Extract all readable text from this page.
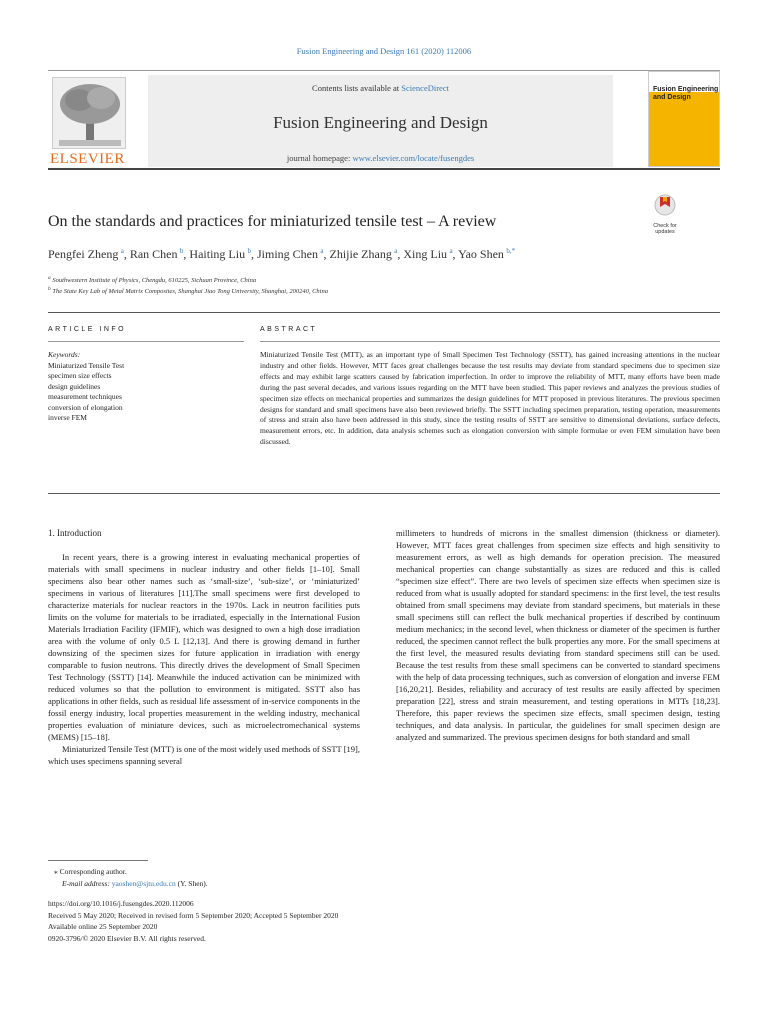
Fusion Engineering and Design 161 (2020) 112006
ELSEVIER
Contents lists available at ScienceDirect
Fusion Engineering and Design
journal homepage: www.elsevier.com/locate/fusengdes
Fusion Engineering and Design
On the standards and practices for miniaturized tensile test – A review	Check for updates
Pengfei Zheng  $^a$, Ran Chen  $^b$, Haiting Liu  $^b$, Jiming Chen  $^a$, Zhijie Zhang  $^a$, Xing Liu  $^a$, Yao Shen  $^{b,*}$
$^a$ Southwestern Institute of Physics, Chengdu, 610225, Sichuan Province, China
$^b$ The State Key Lab of Metal Matrix Composites, Shanghai Jiao Tong University, Shanghai, 200240, China
ARTICLE INFO	ABSTRACT
Keywords:
Miniaturized Tensile Test
specimen size effects
design guidelines
measurement techniques
conversion of elongation
inverse FEM
Miniaturized Tensile Test (MTT), as an important type of Small Specimen Test Technology (SSTT), has gained increasing attentions in the nuclear industry and other fields. However, MTT faces great challenges because the test results may deviate from standard specimens due to specimen size effects and may exhibit large scatters caused by fabrication imperfection. In order to improve the reliability of MTT, many efforts have been made during the past several decades, and various issues regarding on the MTT have been studied. This paper reviews and analyzes the previous studies of specimen size effects on mechanical properties and summarizes the design guidelines for MTT proposed in previous literatures. The previous specimen designs for standard and small specimens have also been reviewed briefly. The SSTT including specimen preparation, testing operation, measurements of stress and strain also have been addressed in this study, since the testing results of SSTT are sensitive to dimensional deviations, surface defects, measurement errors, etc. In addition, data analysis schemes such as elongation conversion with simple formulae or even FEM simulation have been discussed.
1. Introduction

In recent years, there is a growing interest in evaluating mechanical properties of materials with small specimens in nuclear industry and other fields [1–10]. Small specimens also bear other names such as ‘small-size’, ‘sub-size’, or ‘miniaturized’ specimens in various of literatures [11].The small specimens were first developed to characterize materials for nuclear reactors in the 1970s. Lack in neutron facilities puts limits on the volume for materials to be irradiated, especially in the International Fusion Materials Irradiation Facility (IFMIF), which was designed to own a high dose irradiation area with the volume of only 0.5 L [12,13]. And there is growing demand in further downsizing of the specimen sizes for future application in irradiation with energy comparable to fusion neutrons. This directly drives the development of Small Specimen Test Technology (SSTT) [14]. Meanwhile the induced activation can be minimized with reduced volumes so that the pollution to environment is mitigated. SSTT also has applications in other fields, such as residual life assessment of in-service components in the fossil energy industry, local properties measurement in the welding industry, mechanical properties evaluation of miniature devices, such as microelectromechanical systems (MEMS) [15–18].

Miniaturized Tensile Test (MTT) is one of the most widely used methods of SSTT [19], which uses specimens spanning several

millimeters to hundreds of microns in the smallest dimension (thickness or diameter). However, MTT faces great challenges from specimen size effects and high sensitivity to measurement errors, as well as high demands for operation precision. The measured mechanical properties can change substantially as sizes are reduced and this is called “specimen size effect”. There are two levels of specimen size effects when specimen size is reduced from what is usually adopted for standard specimens: in the first level, the test results obtained from small specimens may deviate from standard specimens, but materials in these small specimens still can reflect the bulk mechanical properties if described by continuum medium mechanics; in the second level, when thickness or diameter of the specimen is further reduced, the specimen cannot reflect the bulk properties any more. For the small specimens at the first level, the measured results deviating from standard specimens still can be used. Because the test results from these small specimens can be converted to standard specimens with the help of data processing techniques, such as conversion of elongation and inverse FEM [16,20,21]. Besides, reliability and accuracy of test results are easily affected by specimen preparation [22], stress and strain measurement, and testing operations in MTTs [18,23]. Therefore, this paper reviews the specimen size effects, small specimen design, testing techniques, and data analysis. In particular, the guidelines for small specimen design are analyzed and summarized. The previous specimen designs for both standard and small

⁎ Corresponding author.
E-mail address: yaoshen@sjtu.edu.cn (Y. Shen).
https://doi.org/10.1016/j.fusengdes.2020.112006
Received 5 May 2020; Received in revised form 5 September 2020; Accepted 5 September 2020
Available online 25 September 2020
0920-3796/© 2020 Elsevier B.V. All rights reserved.
